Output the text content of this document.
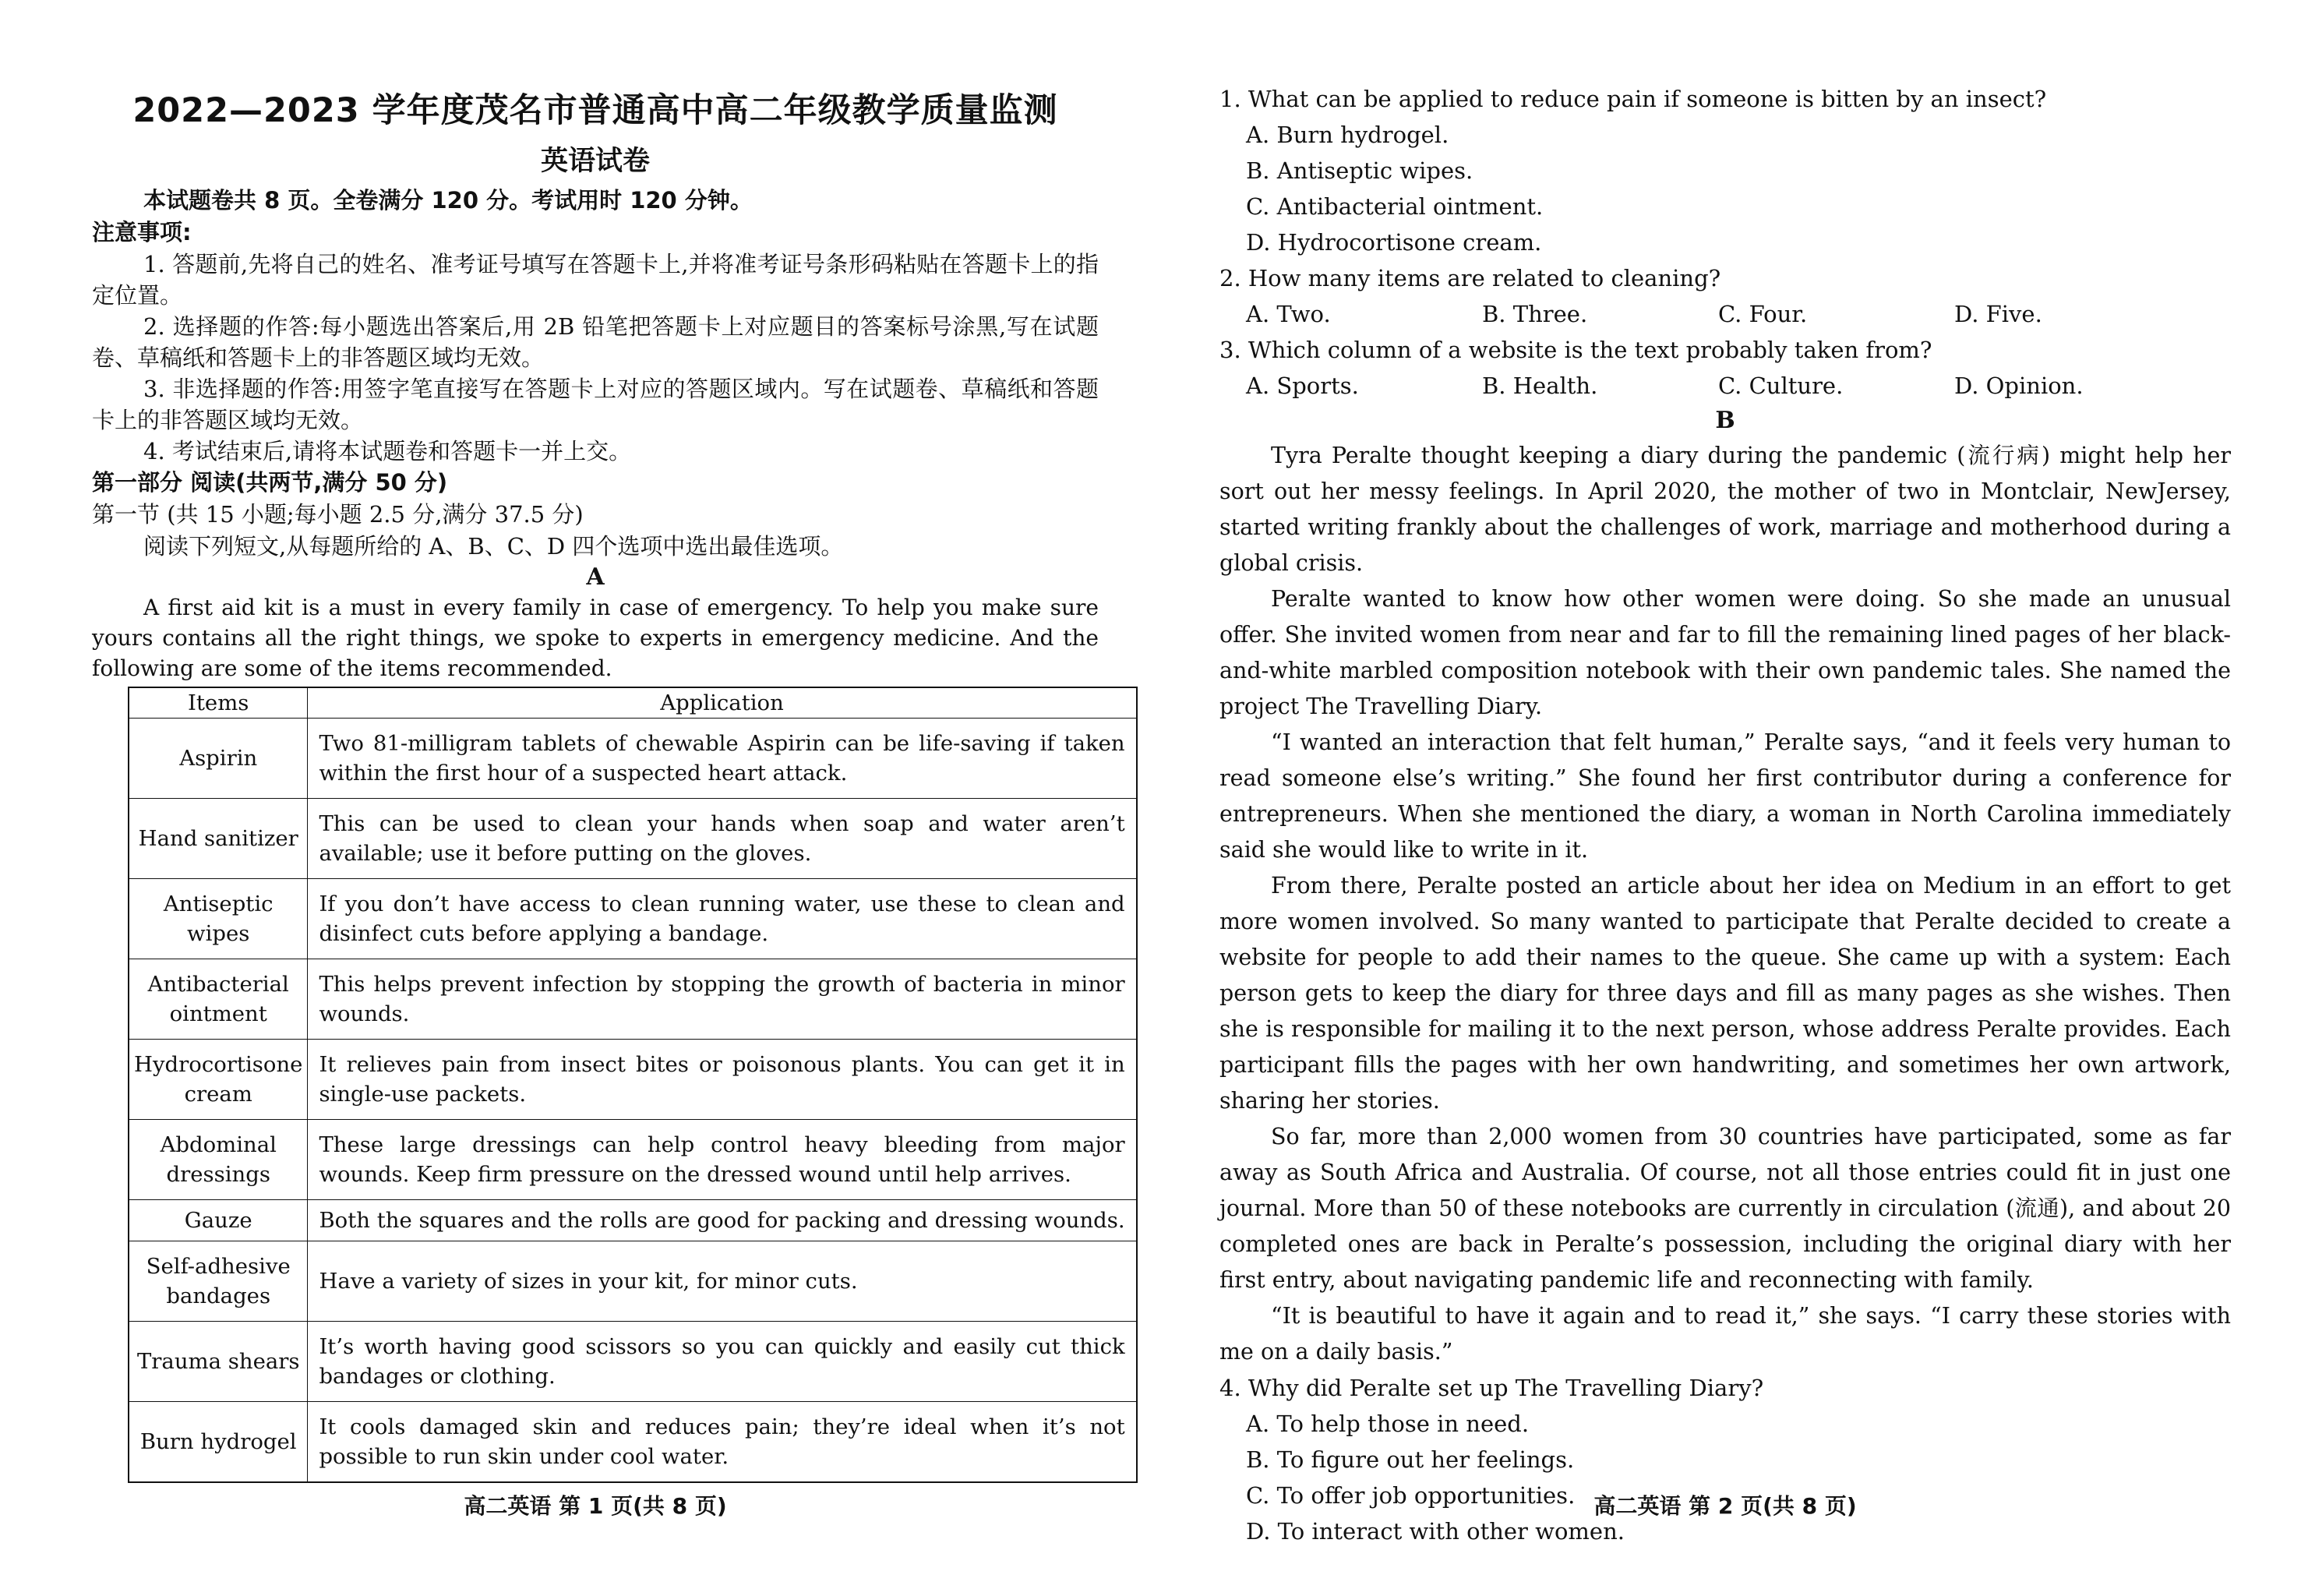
2022—2023 学年度茂名市普通高中高二年级教学质量监测
英语试卷
本试题卷共 8 页。全卷满分 120 分。考试用时 120 分钟。
注意事项:
1. 答题前,先将自己的姓名、准考证号填写在答题卡上,并将准考证号条形码粘贴在答题卡上的指定位置。
2. 选择题的作答:每小题选出答案后,用 2B 铅笔把答题卡上对应题目的答案标号涂黑,写在试题卷、草稿纸和答题卡上的非答题区域均无效。
3. 非选择题的作答:用签字笔直接写在答题卡上对应的答题区域内。写在试题卷、草稿纸和答题卡上的非答题区域均无效。
4. 考试结束后,请将本试题卷和答题卡一并上交。
第一部分 阅读(共两节,满分 50 分)
第一节 (共 15 小题;每小题 2.5 分,满分 37.5 分)
阅读下列短文,从每题所给的 A、B、C、D 四个选项中选出最佳选项。
A
A first aid kit is a must in every family in case of emergency. To help you make sure yours contains all the right things, we spoke to experts in emergency medicine. And the following are some of the items recommended.
Items	Application
Aspirin	Two 81-milligram tablets of chewable Aspirin can be life-saving if taken within the first hour of a suspected heart attack.
Hand sanitizer	This can be used to clean your hands when soap and water aren’t available; use it before putting on the gloves.
Antiseptic wipes	If you don’t have access to clean running water, use these to clean and disinfect cuts before applying a bandage.
Antibacterial ointment	This helps prevent infection by stopping the growth of bacteria in minor wounds.
Hydrocortisone cream	It relieves pain from insect bites or poisonous plants. You can get it in single-use packets.
Abdominal dressings	These large dressings can help control heavy bleeding from major wounds. Keep firm pressure on the dressed wound until help arrives.
Gauze	Both the squares and the rolls are good for packing and dressing wounds.
Self-adhesive bandages	Have a variety of sizes in your kit, for minor cuts.
Trauma shears	It’s worth having good scissors so you can quickly and easily cut thick bandages or clothing.
Burn hydrogel	It cools damaged skin and reduces pain; they’re ideal when it’s not possible to run skin under cool water.
高二英语 第 1 页(共 8 页)
1. What can be applied to reduce pain if someone is bitten by an insect?
A. Burn hydrogel.
B. Antiseptic wipes.
C. Antibacterial ointment.
D. Hydrocortisone cream.
2. How many items are related to cleaning?
A. Two.	B. Three.	C. Four.	D. Five.
3. Which column of a website is the text probably taken from?
A. Sports.	B. Health.	C. Culture.	D. Opinion.
B
Tyra Peralte thought keeping a diary during the pandemic (流行病) might help her sort out her messy feelings. In April 2020, the mother of two in Montclair, NewJersey, started writing frankly about the challenges of work, marriage and motherhood during a global crisis.
Peralte wanted to know how other women were doing. So she made an unusual offer. She invited women from near and far to fill the remaining lined pages of her black-and-white marbled composition notebook with their own pandemic tales. She named the project The Travelling Diary.
“I wanted an interaction that felt human,” Peralte says, “and it feels very human to read someone else’s writing.” She found her first contributor during a conference for entrepreneurs. When she mentioned the diary, a woman in North Carolina immediately said she would like to write in it.
From there, Peralte posted an article about her idea on Medium in an effort to get more women involved. So many wanted to participate that Peralte decided to create a website for people to add their names to the queue. She came up with a system: Each person gets to keep the diary for three days and fill as many pages as she wishes. Then she is responsible for mailing it to the next person, whose address Peralte provides. Each participant fills the pages with her own handwriting, and sometimes her own artwork, sharing her stories.
So far, more than 2,000 women from 30 countries have participated, some as far away as South Africa and Australia. Of course, not all those entries could fit in just one journal. More than 50 of these notebooks are currently in circulation (流通), and about 20 completed ones are back in Peralte’s possession, including the original diary with her first entry, about navigating pandemic life and reconnecting with family.
“It is beautiful to have it again and to read it,” she says. “I carry these stories with me on a daily basis.”
4. Why did Peralte set up The Travelling Diary?
A. To help those in need.
B. To figure out her feelings.
C. To offer job opportunities.
D. To interact with other women.
高二英语 第 2 页(共 8 页)
